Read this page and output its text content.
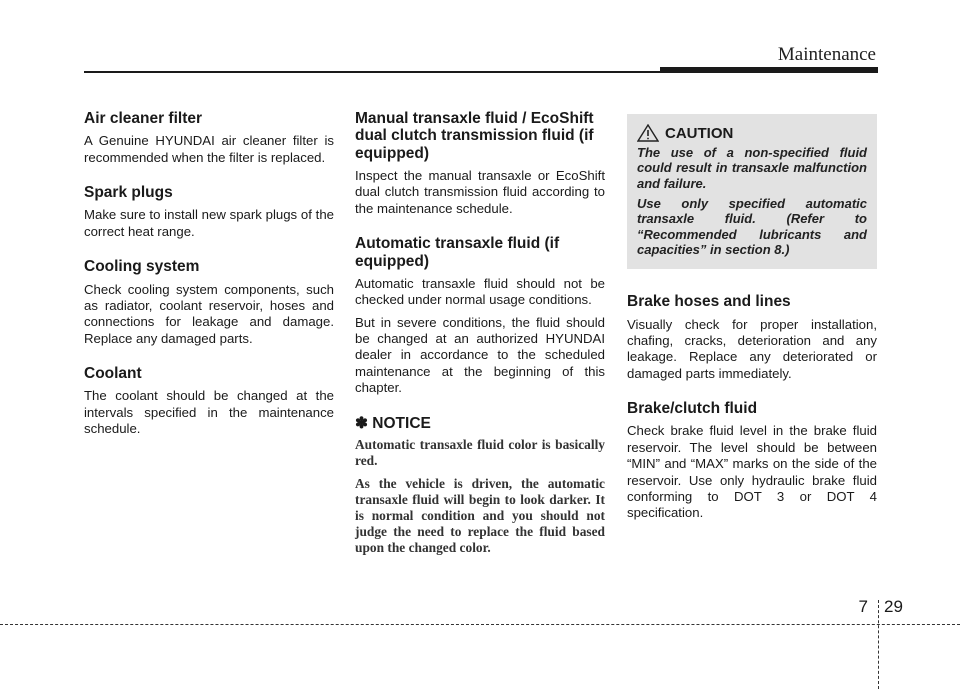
Maintenance
Air cleaner filter

A Genuine HYUNDAI air cleaner filter is recommended when the filter is replaced.

Spark plugs

Make sure to install new spark plugs of the correct heat range.

Cooling system

Check cooling system components, such as radiator, coolant reservoir, hoses and connections for leakage and damage. Replace any damaged parts.

Coolant

The coolant should be changed at the intervals specified in the maintenance schedule.

Manual transaxle fluid / EcoShift dual clutch transmission fluid (if equipped)

Inspect the manual transaxle or EcoShift dual clutch transmission fluid according to the maintenance schedule.

Automatic transaxle fluid (if equipped)

Automatic transaxle fluid should not be checked under normal usage conditions.

But in severe conditions, the fluid should be changed at an authorized HYUNDAI dealer in accordance to the scheduled maintenance at the beginning of this chapter.

✽ NOTICE

Automatic transaxle fluid color is basically red.

As the vehicle is driven, the automatic transaxle fluid will begin to look darker. It is normal condition and you should not judge the need to replace the fluid based upon the changed color.

CAUTION

The use of a non-specified fluid could result in transaxle malfunction and failure.

Use only specified automatic transaxle fluid. (Refer to “Recommended lubricants and capacities” in section 8.)

Brake hoses and lines

Visually check for proper installation, chafing, cracks, deterioration and any leakage. Replace any deteriorated or damaged parts immediately.

Brake/clutch fluid

Check brake fluid level in the brake fluid reservoir. The level should be between “MIN” and “MAX” marks on the side of the reservoir. Use only hydraulic brake fluid conforming to DOT 3 or DOT 4 specification.

7 29
